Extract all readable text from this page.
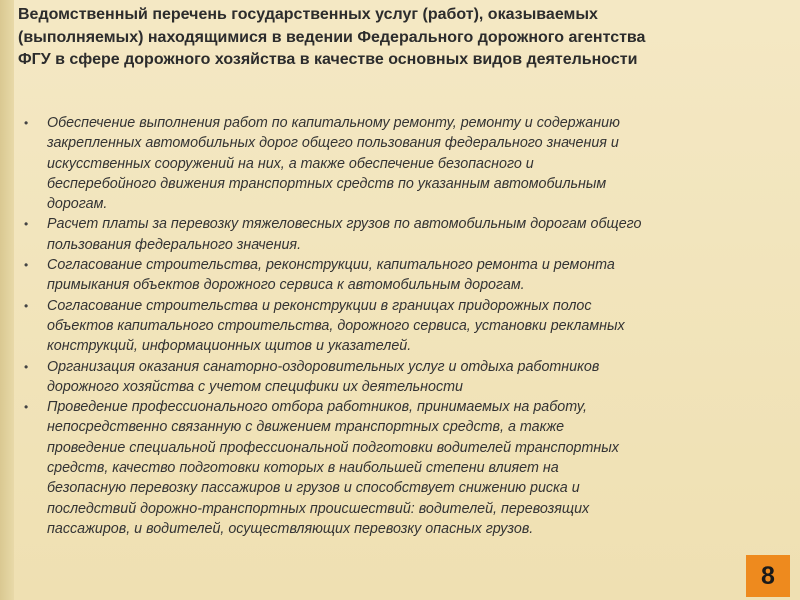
Ведомственный перечень государственных услуг (работ), оказываемых
(выполняемых) находящимися в ведении Федерального дорожного агентства
ФГУ в сфере дорожного хозяйства в качестве основных видов деятельности
• Обеспечение выполнения работ по капитальному ремонту, ремонту и содержанию
закрепленных автомобильных дорог общего пользования федерального значения и
искусственных сооружений на них, а также обеспечение безопасного и
бесперебойного движения транспортных средств по указанным автомобильным
дорогам.
• Расчет платы за перевозку тяжеловесных грузов по автомобильным дорогам общего
пользования федерального значения.
• Согласование строительства, реконструкции, капитального ремонта и ремонта
примыкания объектов дорожного сервиса к автомобильным дорогам.
• Согласование строительства и реконструкции в границах придорожных полос
объектов капитального строительства, дорожного сервиса, установки рекламных
конструкций, информационных щитов и указателей.
• Организация оказания санаторно-оздоровительных услуг и отдыха работников
дорожного хозяйства с учетом специфики их деятельности
• Проведение профессионального отбора работников, принимаемых на работу,
непосредственно связанную с движением транспортных средств, а также
проведение специальной профессиональной подготовки водителей транспортных
средств, качество подготовки которых в наибольшей степени влияет на
безопасную перевозку пассажиров и грузов и способствует снижению риска и
последствий дорожно-транспортных происшествий: водителей, перевозящих
пассажиров, и водителей, осуществляющих перевозку опасных грузов.
8
